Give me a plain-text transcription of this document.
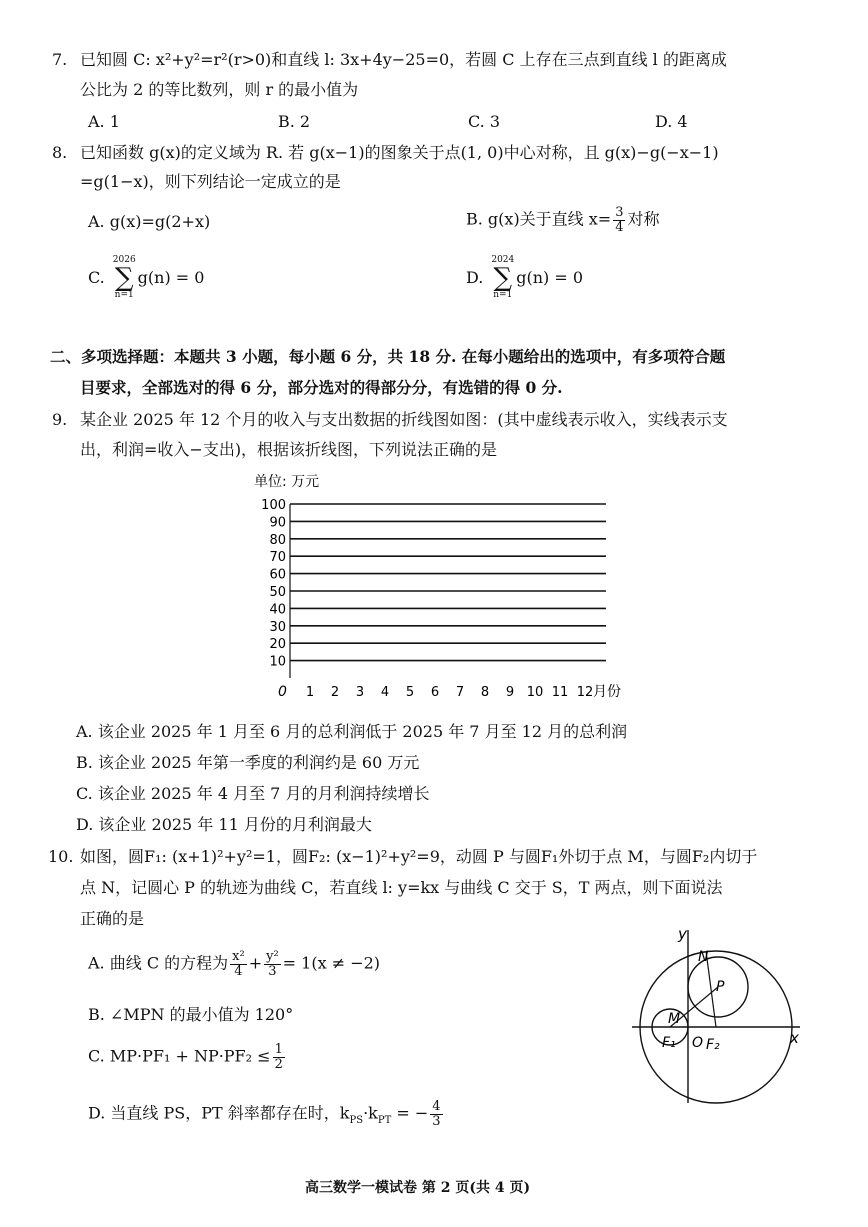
7. 已知圆 C: x²+y²=r²(r>0)和直线 l: 3x+4y−25=0，若圆 C 上存在三点到直线 l 的距离成
公比为 2 的等比数列，则 r 的最小值为
A. 1	B. 2	C. 3	D. 4
8. 已知函数 g(x)的定义域为 R. 若 g(x−1)的图象关于点(1, 0)中心对称，且 g(x)−g(−x−1)
=g(1−x)，则下列结论一定成立的是
A. g(x)=g(2+x)	B. g(x)关于直线 $x= \frac{3}{4}$ 对称
C.
2026
∑
n=1
g(n) = 0	D.
2024
∑
n=1
g(n) = 0
二、多项选择题：本题共 3 小题，每小题 6 分，共 18 分. 在每小题给出的选项中，有多项符合题
目要求，全部选对的得 6 分，部分选对的得部分分，有选错的得 0 分.
9. 某企业 2025 年 12 个月的收入与支出数据的折线图如图：(其中虚线表示收入，实线表示支
出，利润=收入−支出)，根据该折线图，下列说法正确的是
单位: 万元
10
20
30
40
50
60
70
80
90
100
1 2 3 4 5 6 7 8 9 10 11 12
0	月份
A. 该企业 2025 年 1 月至 6 月的总利润低于 2025 年 7 月至 12 月的总利润
B. 该企业 2025 年第一季度的利润约是 60 万元
C. 该企业 2025 年 4 月至 7 月的月利润持续增长
D. 该企业 2025 年 11 月份的月利润最大
10. 如图，圆F₁: (x+1)²+y²=1，圆F₂: (x−1)²+y²=9，动圆 P 与圆F₁外切于点 M，与圆F₂内切于
点 N，记圆心 P 的轨迹为曲线 C，若直线 l: y=kx 与曲线 C 交于 S，T 两点，则下面说法
正确的是
A. 曲线 C 的方程为 $\frac{\text{x²}}{4} + \frac{\text{y²}}{3} = 1(x \ne -2)$
B. ∠MPN 的最小值为 120°
C. $MP\cdot PF_1 + NP\cdot PF_2 \le \frac{1}{2}$
D. 当直线 PS，PT 斜率都存在时，$k_{PS}\cdot k_{PT}$ = − $\frac{4}{3}$
y
x
N
P
M
F₁ O F₂
高三数学一模试卷 第 2 页(共 4 页)
